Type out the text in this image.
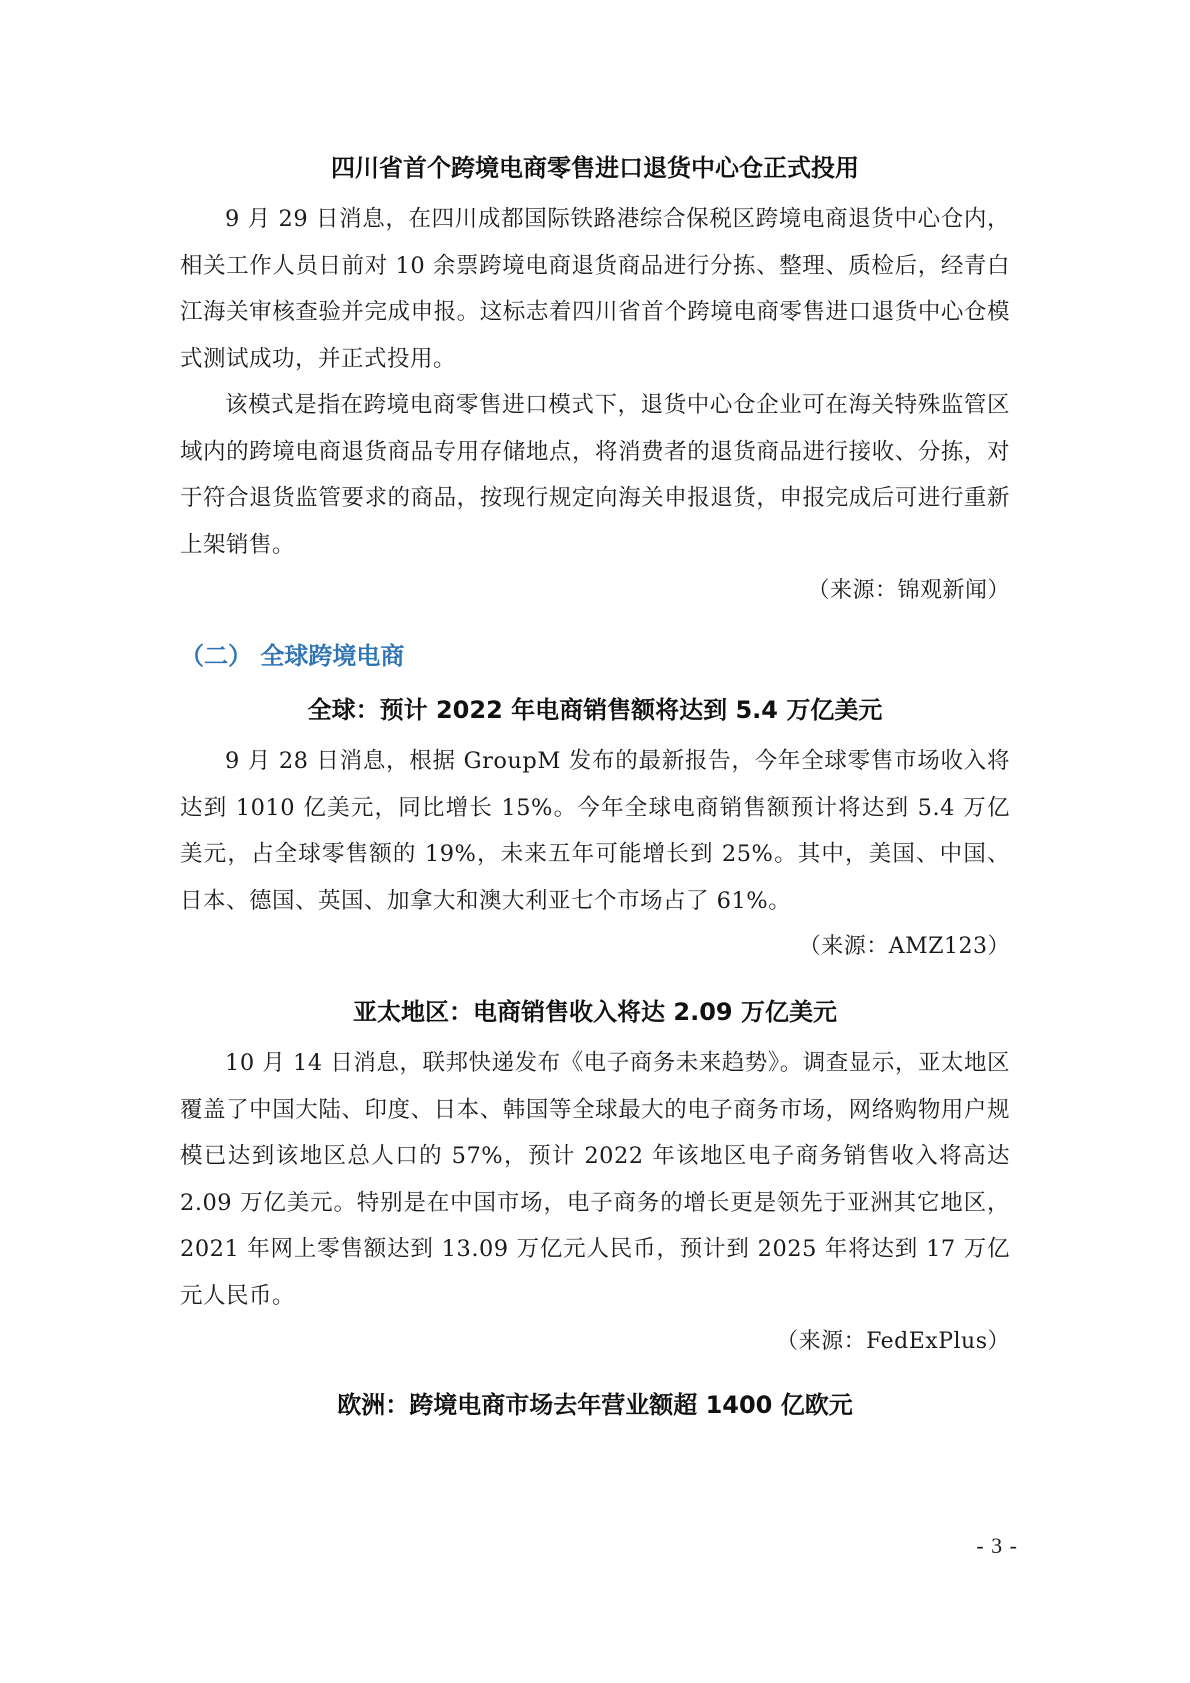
四川省首个跨境电商零售进口退货中心仓正式投用

9 月 29 日消息，在四川成都国际铁路港综合保税区跨境电商退货中心仓内，相关工作人员日前对 10 余票跨境电商退货商品进行分拣、整理、质检后，经青白江海关审核查验并完成申报。这标志着四川省首个跨境电商零售进口退货中心仓模式测试成功，并正式投用。

该模式是指在跨境电商零售进口模式下，退货中心仓企业可在海关特殊监管区域内的跨境电商退货商品专用存储地点，将消费者的退货商品进行接收、分拣，对于符合退货监管要求的商品，按现行规定向海关申报退货，申报完成后可进行重新上架销售。

（来源：锦观新闻）

（二） 全球跨境电商
全球：预计 2022 年电商销售额将达到 5.4 万亿美元

9 月 28 日消息，根据 GroupM 发布的最新报告，今年全球零售市场收入将达到 1010 亿美元，同比增长 15%。今年全球电商销售额预计将达到 5.4 万亿美元，占全球零售额的 19%，未来五年可能增长到 25%。其中，美国、中国、日本、德国、英国、加拿大和澳大利亚七个市场占了 61%。

（来源：AMZ123）

亚太地区：电商销售收入将达 2.09 万亿美元

10 月 14 日消息，联邦快递发布《电子商务未来趋势》。调查显示，亚太地区覆盖了中国大陆、印度、日本、韩国等全球最大的电子商务市场，网络购物用户规模已达到该地区总人口的 57%，预计 2022 年该地区电子商务销售收入将高达 2.09 万亿美元。特别是在中国市场，电子商务的增长更是领先于亚洲其它地区，2021 年网上零售额达到 13.09 万亿元人民币，预计到 2025 年将达到 17 万亿元人民币。

（来源：FedExPlus）

欧洲：跨境电商市场去年营业额超 1400 亿欧元
- 3 -
